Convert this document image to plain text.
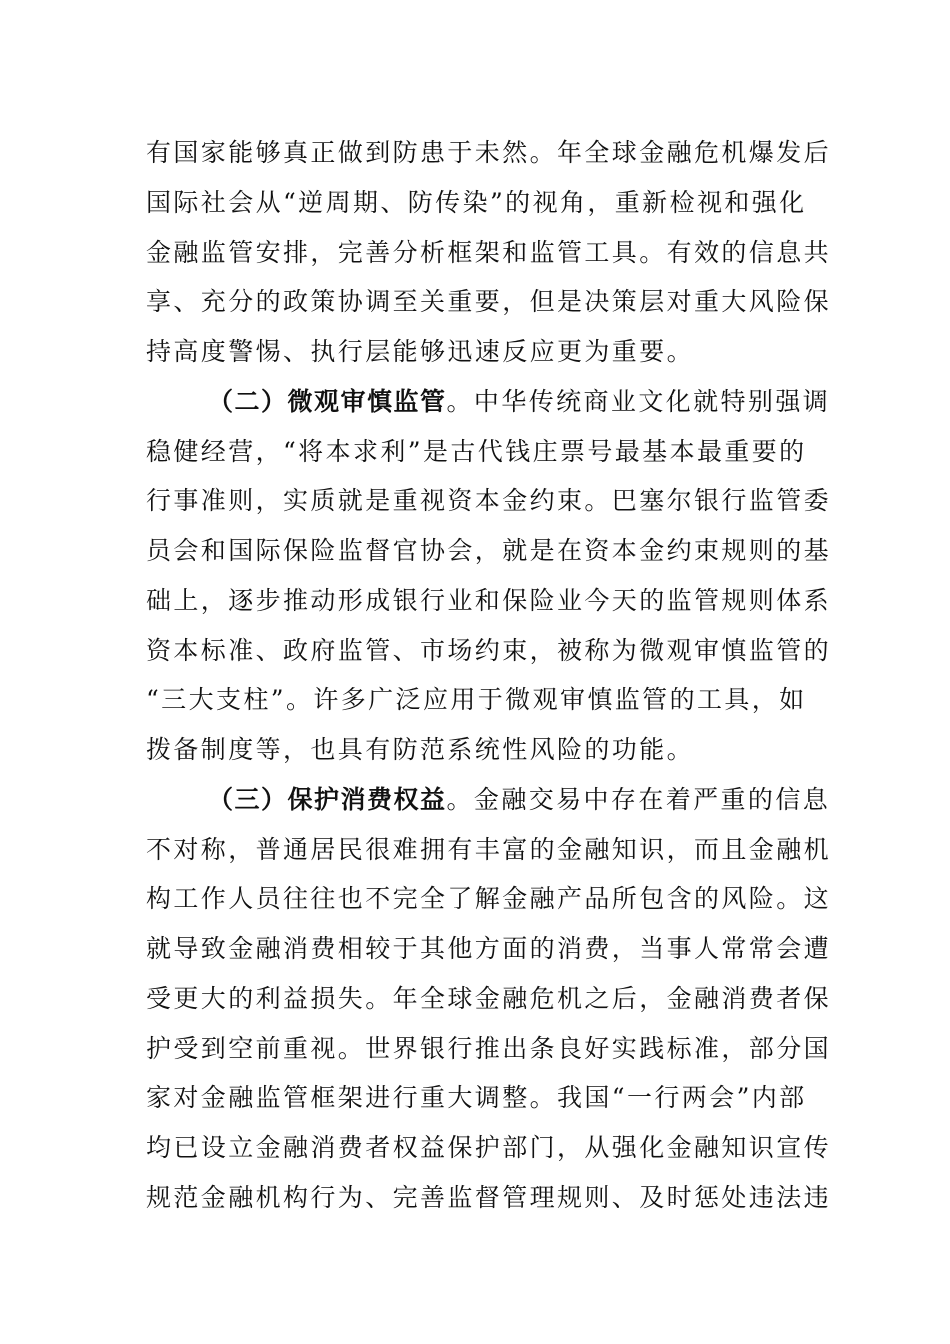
有国家能够真正做到防患于未然。年全球金融危机爆发后
国际社会从“逆周期、防传染”的视角，重新检视和强化
金融监管安排，完善分析框架和监管工具。有效的信息共
享、充分的政策协调至关重要，但是决策层对重大风险保
持高度警惕、执行层能够迅速反应更为重要。
（二）微观审慎监管。中华传统商业文化就特别强调
稳健经营，“将本求利”是古代钱庄票号最基本最重要的
行事准则，实质就是重视资本金约束。巴塞尔银行监管委
员会和国际保险监督官协会，就是在资本金约束规则的基
础上，逐步推动形成银行业和保险业今天的监管规则体系
资本标准、政府监管、市场约束，被称为微观审慎监管的
“三大支柱”。许多广泛应用于微观审慎监管的工具，如
拨备制度等，也具有防范系统性风险的功能。
（三）保护消费权益。金融交易中存在着严重的信息
不对称，普通居民很难拥有丰富的金融知识，而且金融机
构工作人员往往也不完全了解金融产品所包含的风险。这
就导致金融消费相较于其他方面的消费，当事人常常会遭
受更大的利益损失。年全球金融危机之后，金融消费者保
护受到空前重视。世界银行推出条良好实践标准，部分国
家对金融监管框架进行重大调整。我国“一行两会”内部
均已设立金融消费者权益保护部门，从强化金融知识宣传
规范金融机构行为、完善监督管理规则、及时惩处违法违
